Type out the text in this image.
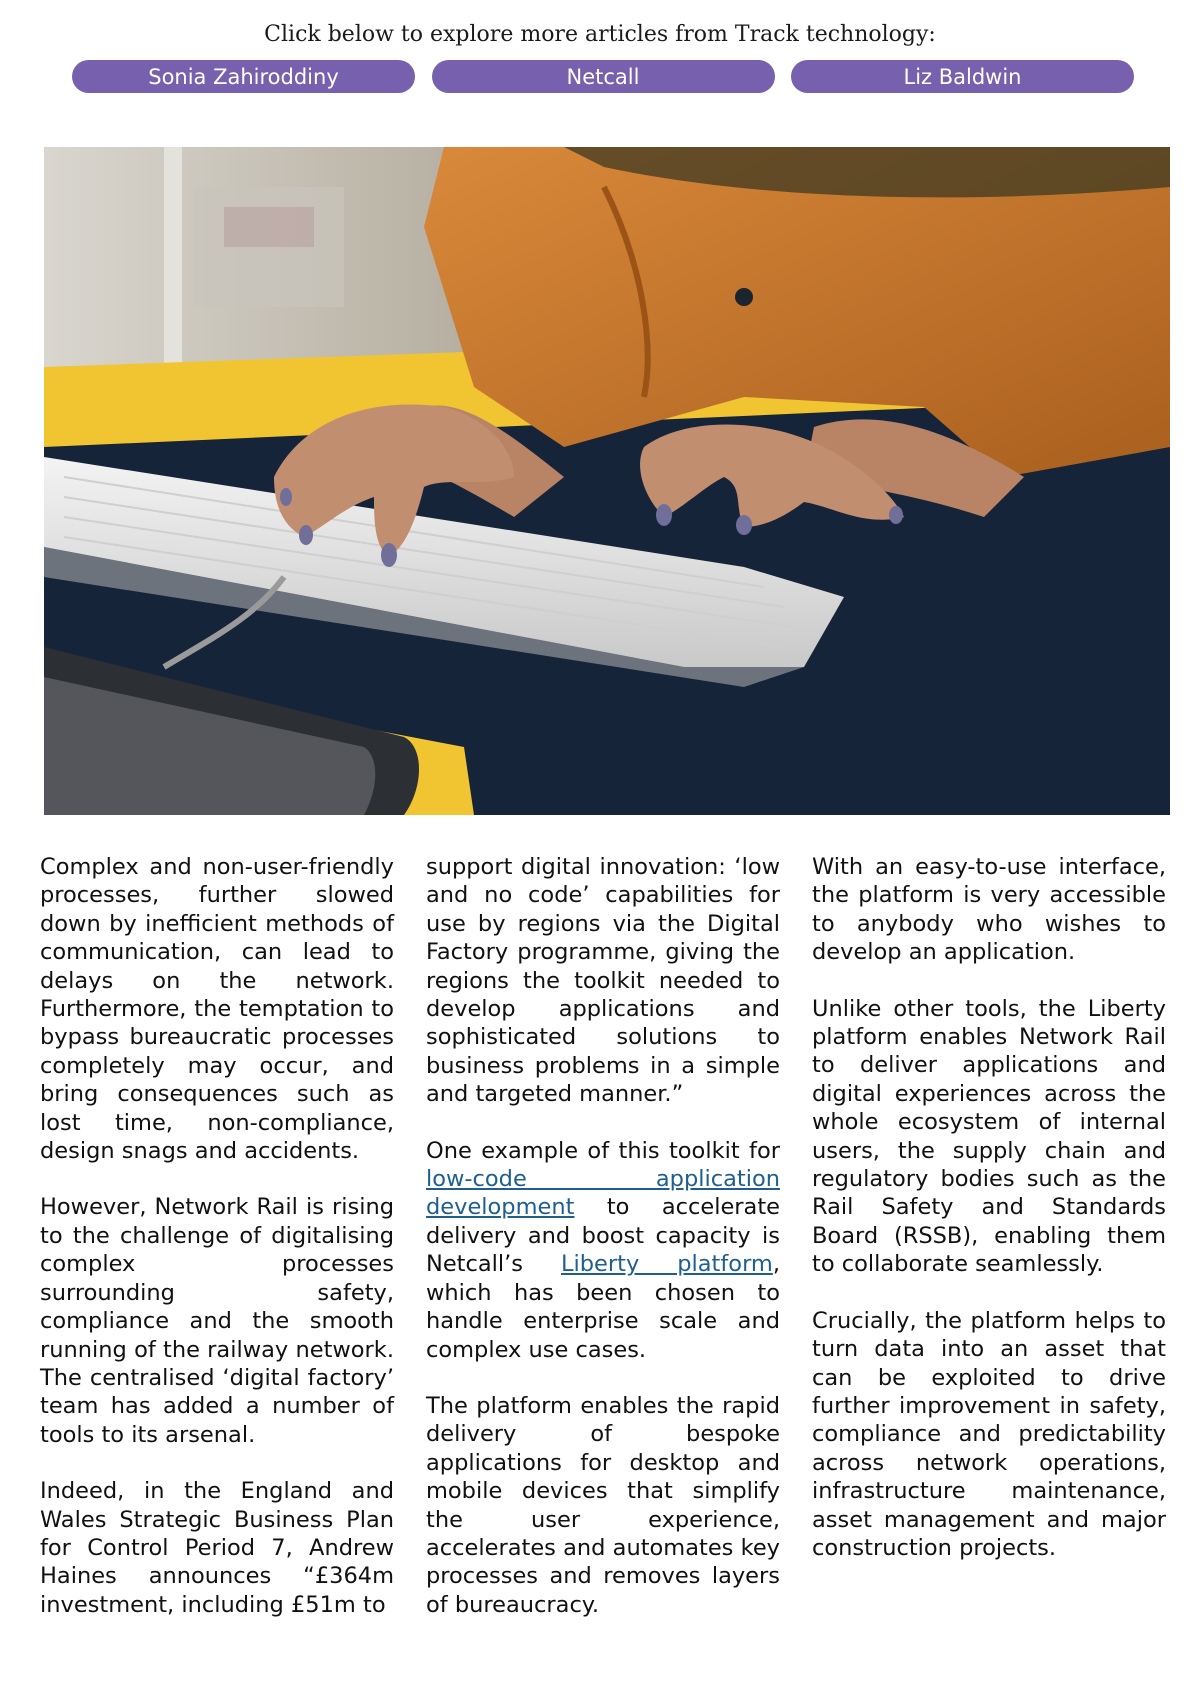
Click below to explore more articles from Track technology:
Sonia Zahiroddiny	Netcall	Liz Baldwin

Complex and non-user-friendly processes, further slowed down by inefficient methods of communication, can lead to delays on the network. Furthermore, the temptation to bypass bureaucratic processes completely may occur, and bring consequences such as lost time, non-compliance, design snags and accidents.

However, Network Rail is rising to the challenge of digitalising complex processes surrounding safety, compliance and the smooth running of the railway network. The centralised ‘digital factory’ team has added a number of tools to its arsenal.

Indeed, in the England and Wales Strategic Business Plan for Control Period 7, Andrew Haines announces “£364m investment, including £51m to

support digital innovation: ‘low and no code’ capabilities for use by regions via the Digital Factory programme, giving the regions the toolkit needed to develop applications and sophisticated solutions to business problems in a simple and targeted manner.”

One example of this toolkit for low-code application development to accelerate delivery and boost capacity is Netcall’s Liberty platform, which has been chosen to handle enterprise scale and complex use cases.

The platform enables the rapid delivery of bespoke applications for desktop and mobile devices that simplify the user experience, accelerates and automates key processes and removes layers of bureaucracy.

With an easy-to-use interface, the platform is very accessible to anybody who wishes to develop an application.

Unlike other tools, the Liberty platform enables Network Rail to deliver applications and digital experiences across the whole ecosystem of internal users, the supply chain and regulatory bodies such as the Rail Safety and Standards Board (RSSB), enabling them to collaborate seamlessly.

Crucially, the platform helps to turn data into an asset that can be exploited to drive further improvement in safety, compliance and predictability across network operations, infrastructure maintenance, asset management and major construction projects.
